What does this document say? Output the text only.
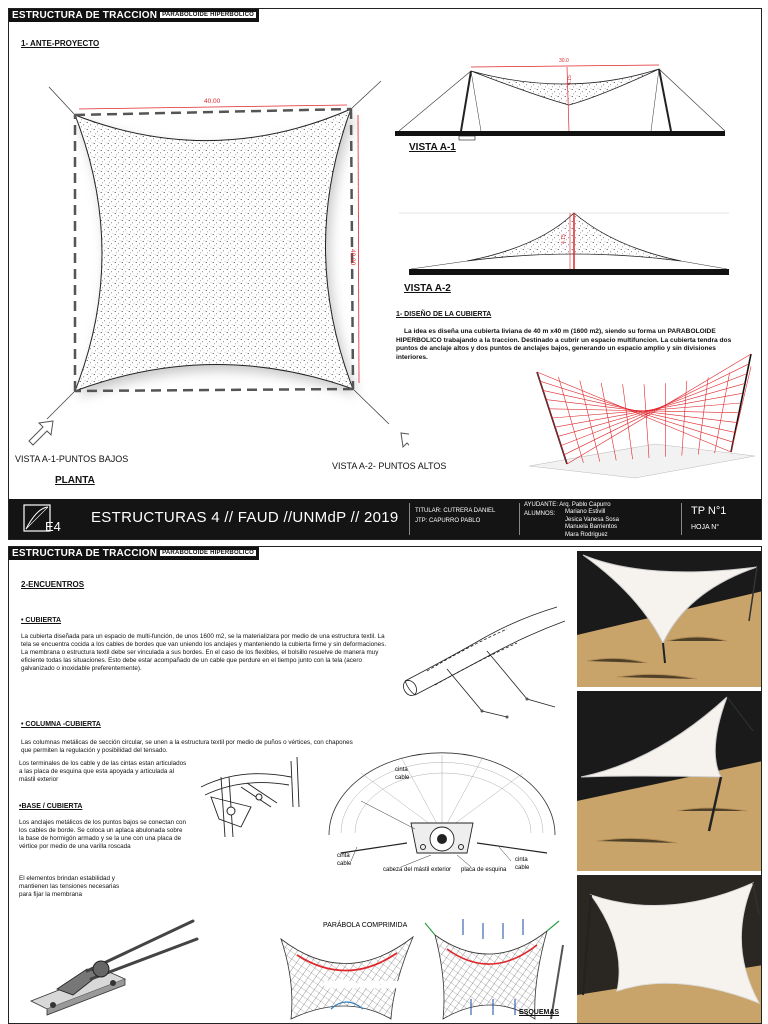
ESTRUCTURA DE TRACCION PARABOLOIDE HIPERBOLICO
1- ANTE-PROYECTO
40.00
40.00
VISTA A-1-PUNTOS BAJOS
VISTA A-2- PUNTOS ALTOS
PLANTA
30.0
4.15
VISTA A-1
4.15
VISTA A-2
1- DISEÑO DE LA CUBIERTA
La idea es diseña una cubierta liviana de 40 m x40 m (1600 m2), siendo su forma un PARABOLOIDE HIPERBOLICO trabajando a la traccion. Destinado a cubrir un espacio multifuncion. La cubierta tendra dos puntos de anclaje altos y dos puntos de anclajes bajos, generando un espacio amplio y sin divisiones interiores.
E4
ESTRUCTURAS 4 // FAUD //UNMdP // 2019	TITULAR: CUTRERA DANIEL
JTP: CAPURRO PABLO
AYUDANTE: Arq. Pablo Capurro
ALUMNOS: Mariano Estivill
Jesica Vanesa Sosa
Manuela Barrientos
Mara Rodriguez
TP N°1
HOJA N°
ESTRUCTURA DE TRACCION PARABOLOIDE HIPERBOLICO
2-ENCUENTROS
• CUBIERTA
La cubierta diseñada para un espacio de multi-función, de unos 1600 m2, se la materializara por medio de una estructura textil. La tela se encuentra cocida a los cables de bordes que van uniendo los anclajes y manteniendo la cubierta firme y sin deformaciones. La membrana o estructura textil debe ser vinculada a sus bordes. En el caso de los flexibles, el bolsillo resuelve de manera muy eficiente todas las situaciones. Esto debe estar acompañado de un cable que perdure en el tiempo junto con la tela (acero galvanizado o inoxidable preferentemente).
• COLUMNA -CUBIERTA
Las columnas metálicas de sección circular, se unen a la estructura textil por medio de puños o vértices, con chapones que permiten la regulación y posibilidad del tensado.
Los terminales de los cable y de las cintas estan articulados a las placa de esquina que esta apoyada y articulada al mástil exterior
•BASE / CUBIERTA
Los anclajes metálicos de los puntos bajos se conectan con los cables de borde. Se coloca un aplaca abulonada sobre la base de hormigón armado y se la une con una placa de vértice por medio de una varilla roscada
El elementos brindan estabilidad y mantienen las tensiones necesarias para fijar la membrana
cinta
cable
cinta
cable
cabeza del mástil exterior placa de esquina
cinta
cable
PARÁBOLA COMPRIMIDA
PARÁBOLA TRACCIONADA
ESQUEMAS
